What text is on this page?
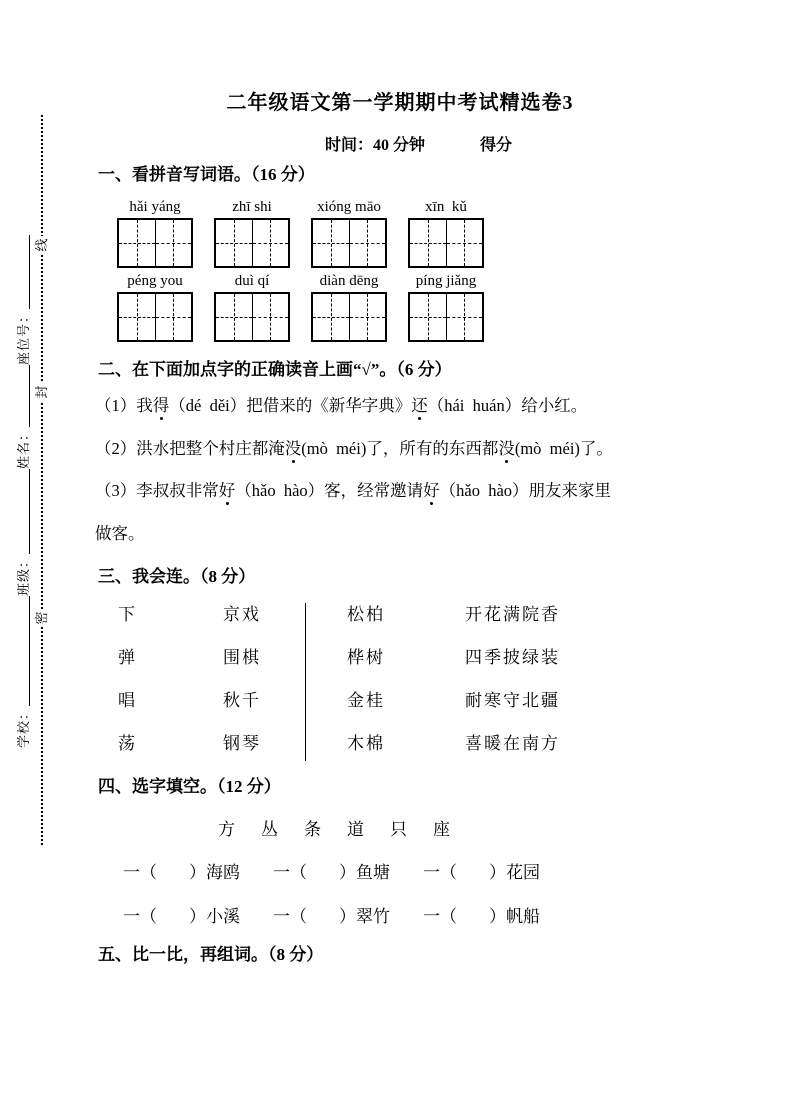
学校：
班级：
姓名：
座位号：
密
封
线
二年级语文第一学期期中考试精选卷3
时间：40 分钟	得分
一、看拼音写词语。（16 分）
hǎi yáng	zhī shi	xióng māo	xīn  kǔ
péng you	duì qí	diàn dēng	píng jiǎng
二、在下面加点字的正确读音上画“√”。（6 分）
（1）我得（dé  děi）把借来的《新华字典》还（hái  huán）给小红。
（2）洪水把整个村庄都淹没(mò  méi)了，所有的东西都没(mò  méi)了。
（3）李叔叔非常好（hǎo  hào）客，经常邀请好（hǎo  hào）朋友来家里
做客。
三、我会连。（8 分）
下	京戏	松柏	开花满院香
弹	围棋	桦树	四季披绿装
唱	秋千	金桂	耐寒守北疆
荡	钢琴	木棉	喜暖在南方
四、选字填空。（12 分）
方 丛 条 道 只 座
一（ ）海鸥	一（ ）鱼塘	一（ ）花园
一（ ）小溪	一（ ）翠竹	一（ ）帆船
五、比一比，再组词。（8 分）
